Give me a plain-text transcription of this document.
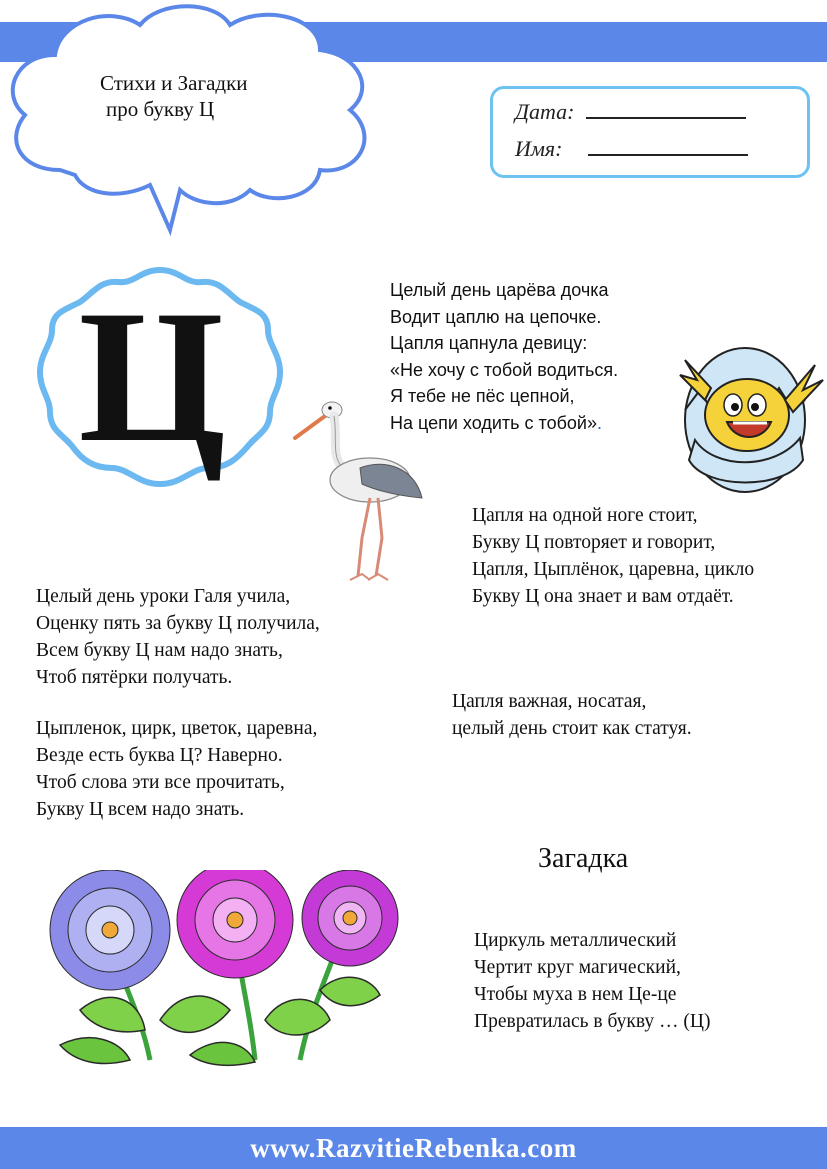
Стихи и Загадки
про букву Ц	Дата:
Имя:
Ц	Целый день царёва дочка
Водит цаплю на цепочке.
Цапля цапнула девицу:
«Не хочу с тобой водиться.
Я тебе не пёс цепной,
На цепи ходить с тобой».
Цапля на одной ноге стоит,
Букву Ц повторяет и говорит,
Цапля, Цыплёнок, царевна, цикло
Букву Ц она знает и вам отдаёт.
Целый день уроки Галя учила,
Оценку пять за букву Ц получила,
Всем букву Ц нам надо знать,
Чтоб пятёрки получать.
Цыпленок, цирк, цветок, царевна,
Везде есть буква Ц? Наверно.
Чтоб слова эти все прочитать,
Букву Ц всем надо знать.
Цапля важная, носатая,
целый день стоит как статуя.
Загадка
Циркуль металлический
Чертит круг магический,
Чтобы муха в нем Це-це
Превратилась в букву … (Ц)
www.RazvitieRebenka.com
